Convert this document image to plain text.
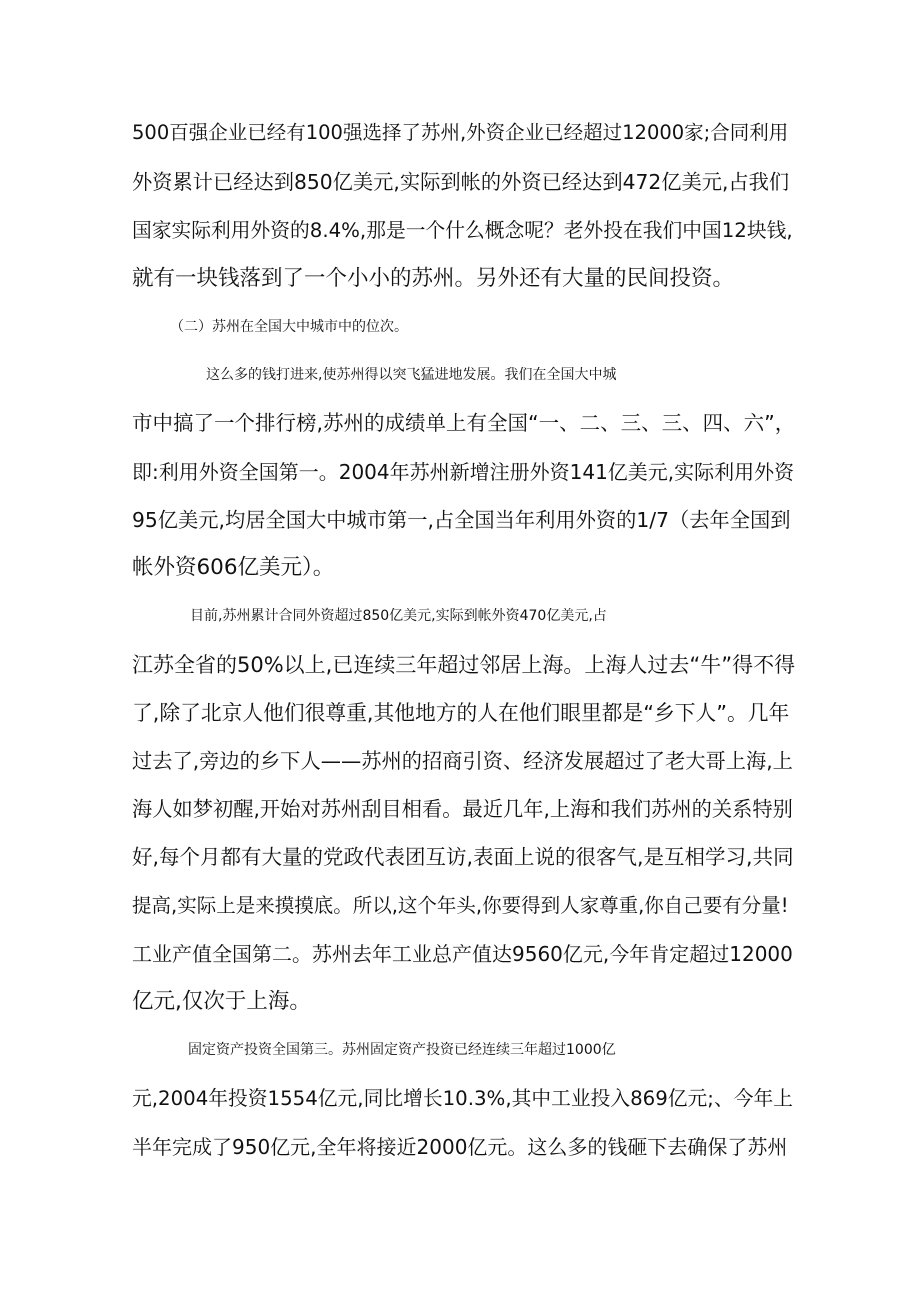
500百强企业已经有100强选择了苏州,外资企业已经超过12000家;合同利用
外资累计已经达到850亿美元,实际到帐的外资已经达到472亿美元,占我们
国家实际利用外资的8.4%,那是一个什么概念呢？老外投在我们中国12块钱,
就有一块钱落到了一个小小的苏州。另外还有大量的民间投资。
（二）苏州在全国大中城市中的位次。
这么多的钱打进来,使苏州得以突飞猛进地发展。我们在全国大中城
市中搞了一个排行榜,苏州的成绩单上有全国“一、二、三、三、四、六”，
即:利用外资全国第一。2004年苏州新增注册外资141亿美元,实际利用外资
95亿美元,均居全国大中城市第一,占全国当年利用外资的1/7（去年全国到
帐外资606亿美元）。
目前,苏州累计合同外资超过850亿美元,实际到帐外资470亿美元,占
江苏全省的50%以上,已连续三年超过邻居上海。上海人过去“牛”得不得
了,除了北京人他们很尊重,其他地方的人在他们眼里都是“乡下人”。几年
过去了,旁边的乡下人——苏州的招商引资、经济发展超过了老大哥上海,上
海人如梦初醒,开始对苏州刮目相看。最近几年,上海和我们苏州的关系特别
好,每个月都有大量的党政代表团互访,表面上说的很客气,是互相学习,共同
提高,实际上是来摸摸底。所以,这个年头,你要得到人家尊重,你自己要有分量!
工业产值全国第二。苏州去年工业总产值达9560亿元,今年肯定超过12000
亿元,仅次于上海。
固定资产投资全国第三。苏州固定资产投资已经连续三年超过1000亿
元,2004年投资1554亿元,同比增长10.3%,其中工业投入869亿元;、今年上
半年完成了950亿元,全年将接近2000亿元。这么多的钱砸下去确保了苏州
